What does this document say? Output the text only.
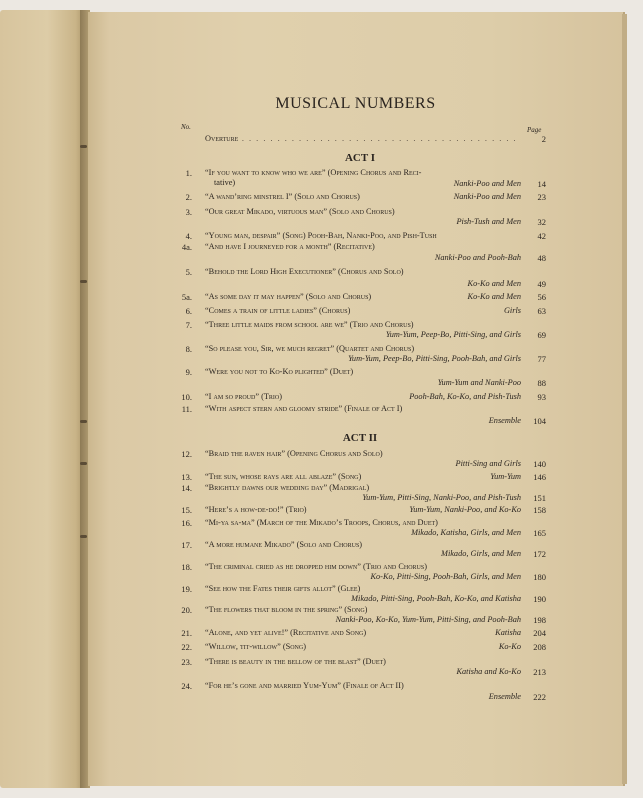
MUSICAL NUMBERS
No.	Page
Overture . . . . . . . . . . . . . . . . . . . . . . . . . . . . . . . . . . . . . . .	2
ACT I
1. “If you want to know who we are” (Opening Chorus and Reci-
tative)	Nanki-Poo and Men	14
2. “A wand’ring minstrel I” (Solo and Chorus)	Nanki-Poo and Men	23
3. “Our great Mikado, virtuous man” (Solo and Chorus)
Pish-Tush and Men	32
4. “Young man, despair” (Song) Pooh-Bah, Nanki-Poo, and Pish-Tush	42
4a. “And have I journeyed for a month” (Recitative)
Nanki-Poo and Pooh-Bah	48
5. “Behold the Lord High Executioner” (Chorus and Solo)
Ko-Ko and Men	49
5a. “As some day it may happen” (Solo and Chorus)	Ko-Ko and Men	56
6. “Comes a train of little ladies” (Chorus)	Girls	63
7. “Three little maids from school are we” (Trio and Chorus)
Yum-Yum, Peep-Bo, Pitti-Sing, and Girls	69
8. “So please you, Sir, we much regret” (Quartet and Chorus)
Yum-Yum, Peep-Bo, Pitti-Sing, Pooh-Bah, and Girls	77
9. “Were you not to Ko-Ko plighted” (Duet)
Yum-Yum and Nanki-Poo	88
10. “I am so proud” (Trio)	Pooh-Bah, Ko-Ko, and Pish-Tush	93
11. “With aspect stern and gloomy stride” (Finale of Act I)
Ensemble	104
ACT II
12. “Braid the raven hair” (Opening Chorus and Solo)
Pitti-Sing and Girls	140
13. “The sun, whose rays are all ablaze” (Song)	Yum-Yum	146
14. “Brightly dawns our wedding day” (Madrigal)
Yum-Yum, Pitti-Sing, Nanki-Poo, and Pish-Tush	151
15. “Here’s a how-de-do!” (Trio)	Yum-Yum, Nanki-Poo, and Ko-Ko	158
16. “Mi-ya sa-ma” (March of the Mikado’s Troops, Chorus, and Duet)
Mikado, Katisha, Girls, and Men	165
17. “A more humane Mikado” (Solo and Chorus)
Mikado, Girls, and Men	172
18. “The criminal cried as he dropped him down” (Trio and Chorus)
Ko-Ko, Pitti-Sing, Pooh-Bah, Girls, and Men	180
19. “See how the Fates their gifts allot” (Glee)
Mikado, Pitti-Sing, Pooh-Bah, Ko-Ko, and Katisha	190
20. “The flowers that bloom in the spring” (Song)
Nanki-Poo, Ko-Ko, Yum-Yum, Pitti-Sing, and Pooh-Bah	198
21. “Alone, and yet alive!” (Recitative and Song)	Katisha	204
22. “Willow, tit-willow” (Song)	Ko-Ko	208
23. “There is beauty in the bellow of the blast” (Duet)
Katisha and Ko-Ko	213
24. “For he’s gone and married Yum-Yum” (Finale of Act II)
Ensemble	222
